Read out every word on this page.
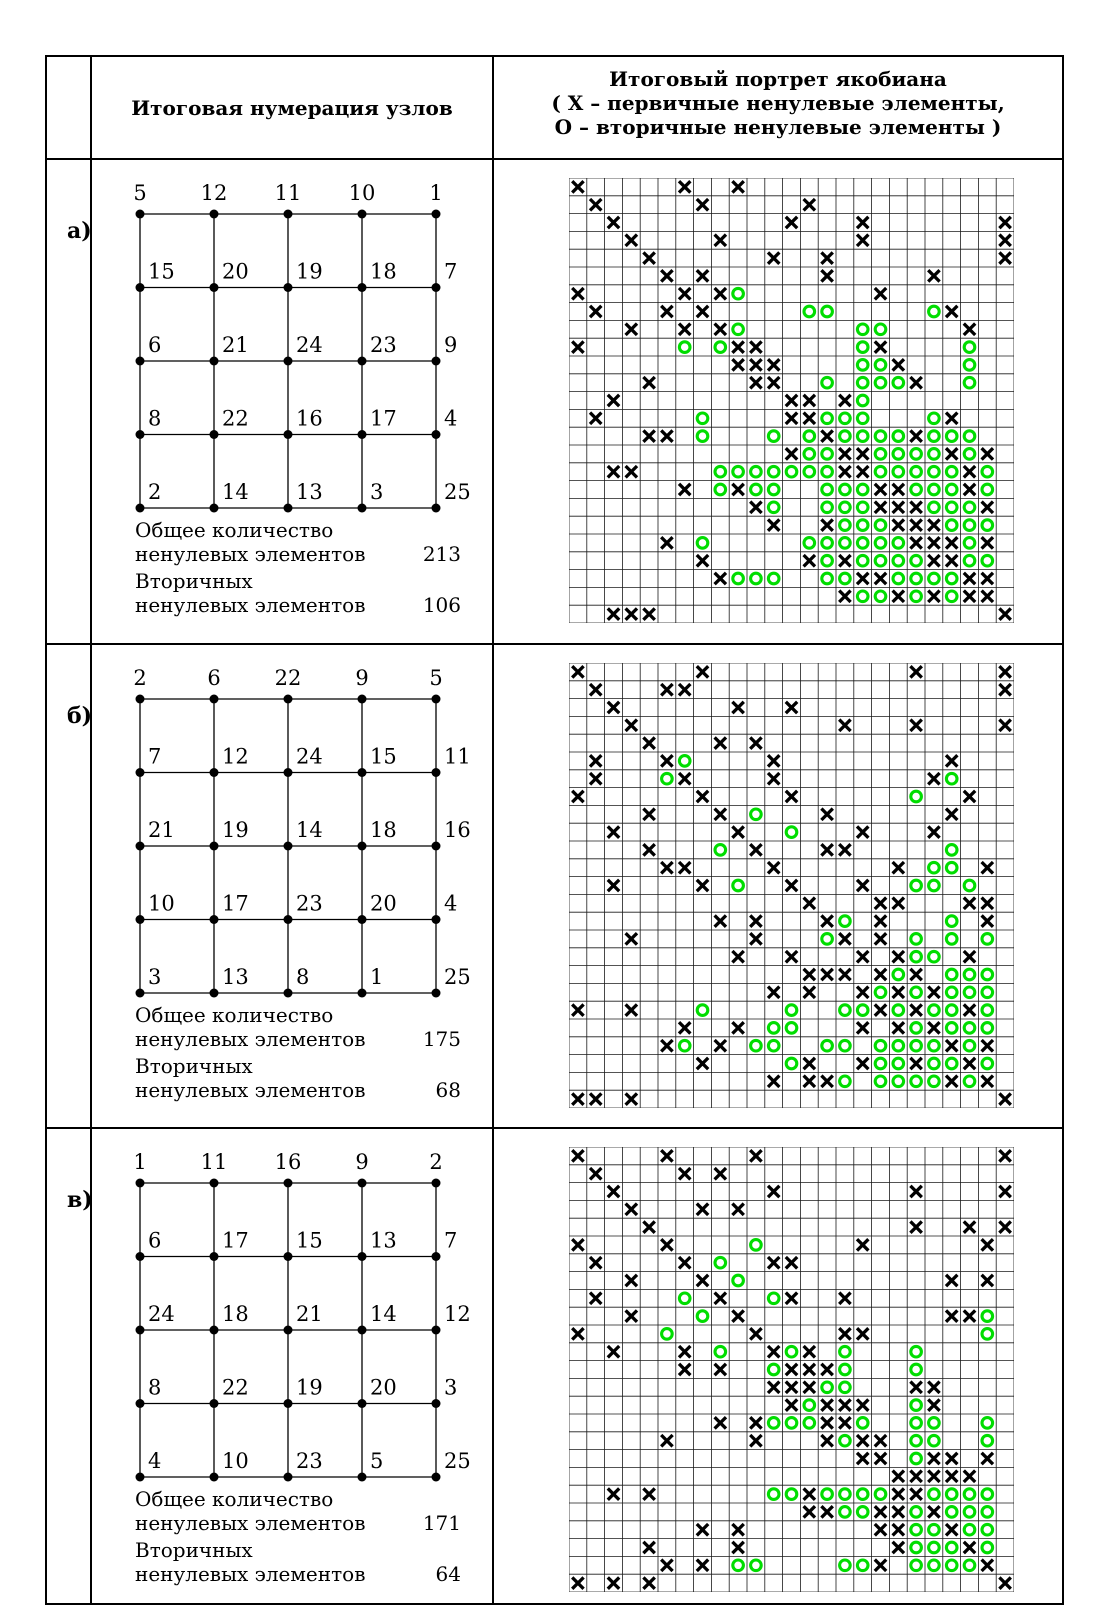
Итоговая нумерация узлов
Итоговый портрет якобиана
( X – первичные ненулевые элементы,
О – вторичные ненулевые элементы )
а)
5	12 11 10	1
15 20 19 18 7
6	21 24 23 9
8	22 16 17 4
2	14 13 3	25
Общее количество
ненулевых элементов	213
Вторичных
ненулевых элементов	106
б)
2	6	22	9	5
7	12 24 15 11
21 19 14 18 16
10 17 23 20 4
3	13 8	1	25
Общее количество
ненулевых элементов	175
Вторичных
ненулевых элементов	68
в)
1	11 16	9	2
6	17 15 13 7
24 18 21 14 12
8	22 19 20 3
4	10 23 5	25
Общее количество
ненулевых элементов	171
Вторичных
ненулевых элементов	64
